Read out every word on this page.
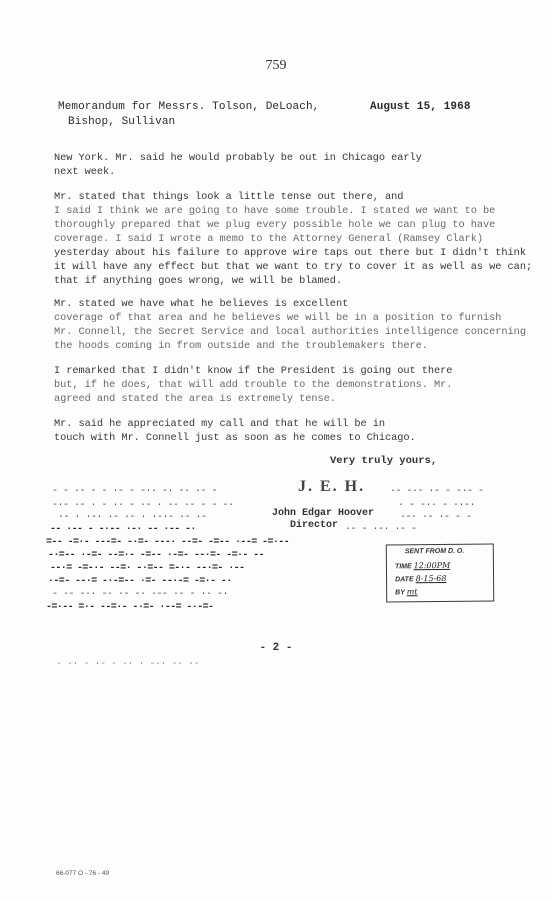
759
Memorandum for Messrs. Tolson, DeLoach,
Bishop, Sullivan
August 15, 1968
New York. Mr. said he would probably be out in Chicago early
next week.
Mr. stated that things look a little tense out there, and
I said I think we are going to have some trouble. I stated we want to be
thoroughly prepared that we plug every possible hole we can plug to have
coverage. I said I wrote a memo to the Attorney General (Ramsey Clark)
yesterday about his failure to approve wire taps out there but I didn't think
it will have any effect but that we want to try to cover it as well as we can;
that if anything goes wrong, we will be blamed.
Mr. stated we have what he believes is excellent
coverage of that area and he believes we will be in a position to furnish
Mr. Connell, the Secret Service and local authorities intelligence concerning
the hoods coming in from outside and the troublemakers there.
I remarked that I didn't know if the President is going out there
but, if he does, that will add trouble to the demonstrations. Mr.
agreed and stated the area is extremely tense.
Mr. said he appreciated my call and that he will be in
touch with Mr. Connell just as soon as he comes to Chicago.
Very truly yours,
- - ·- - - ·- - -·· -· -· ·- -	·- -·- ·- - -·- -
J. E. H.
-·- ·- · - ·· - ·- · -· ·- - - -·	· - -·· - -·-·
·- · ·-· ·- ·- · ·-·- ·- ·-	John Edgar Hoover	·-· ·- ·- - -
-- ·-- - -·-- ·-· -- ·-- -·	Director ·- - ·-· ·- -
=-- -=·- ---=- -·=- ---· --=- -=-- ·--= -=·--
-·=-- ·-=- --=·- -=-- ·-=- --·=- -=·- --
--·= -=-·- --=· -·=-- =-·- --·=- ·--
·-=- --·= -·-=-- ·=- --·-= -=·- -·
- ·- -·· -· ·- -· ·-- ·- - ·· -·
-=·-- =·- --=·- -·=- ·--= -·-=-
SENT FROM D. O.
TIME 12:00PM
DATE 8-15-68
BY mt
- 2 -
- ·· - ·- - ·· · -·· -· ·-
66-077 O - 76 - 49
